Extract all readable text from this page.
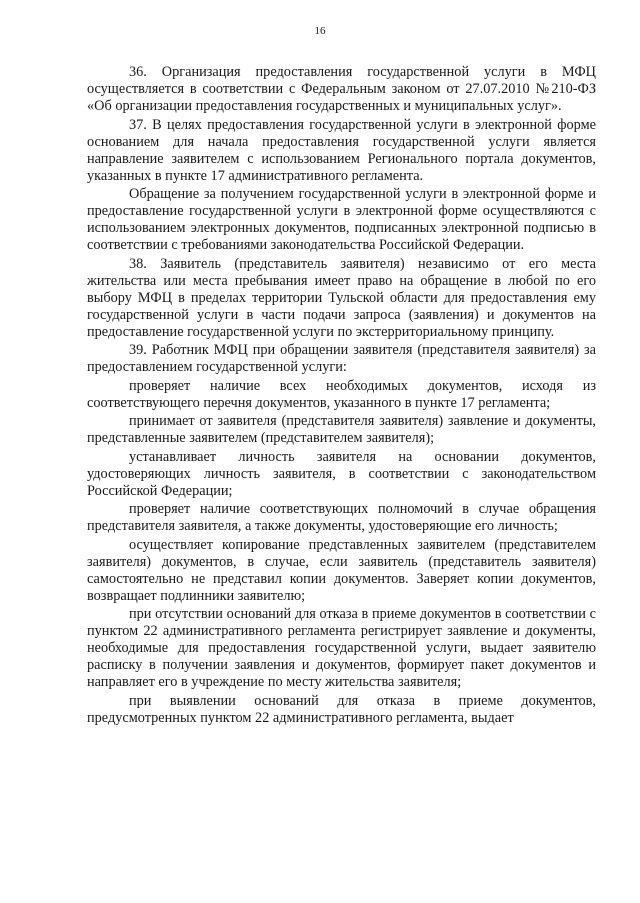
16

36. Организация предоставления государственной услуги в МФЦ осуществляется в соответствии с Федеральным законом от 27.07.2010 №210-ФЗ «Об организации предоставления государственных и муниципальных услуг».

37. В целях предоставления государственной услуги в электронной форме основанием для начала предоставления государственной услуги является направление заявителем с использованием Регионального портала документов, указанных в пункте 17 административного регламента.

Обращение за получением государственной услуги в электронной форме и предоставление государственной услуги в электронной форме осуществляются с использованием электронных документов, подписанных электронной подписью в соответствии с требованиями законодательства Российской Федерации.

38. Заявитель (представитель заявителя) независимо от его места жительства или места пребывания имеет право на обращение в любой по его выбору МФЦ в пределах территории Тульской области для предоставления ему государственной услуги в части подачи запроса (заявления) и документов на предоставление государственной услуги по экстерриториальному принципу.

39. Работник МФЦ при обращении заявителя (представителя заявителя) за предоставлением государственной услуги:

проверяет наличие всех необходимых документов, исходя из соответствующего перечня документов, указанного в пункте 17 регламента;

принимает от заявителя (представителя заявителя) заявление и документы, представленные заявителем (представителем заявителя);

устанавливает личность заявителя на основании документов, удостоверяющих личность заявителя, в соответствии с законодательством Российской Федерации;

проверяет наличие соответствующих полномочий в случае обращения представителя заявителя, а также документы, удостоверяющие его личность;

осуществляет копирование представленных заявителем (представителем заявителя) документов, в случае, если заявитель (представитель заявителя) самостоятельно не представил копии документов. Заверяет копии документов, возвращает подлинники заявителю;

при отсутствии оснований для отказа в приеме документов в соответствии с пунктом 22 административного регламента регистрирует заявление и документы, необходимые для предоставления государственной услуги, выдает заявителю расписку в получении заявления и документов, формирует пакет документов и направляет его в учреждение по месту жительства заявителя;

при выявлении оснований для отказа в приеме документов, предусмотренных пунктом 22 административного регламента, выдает
